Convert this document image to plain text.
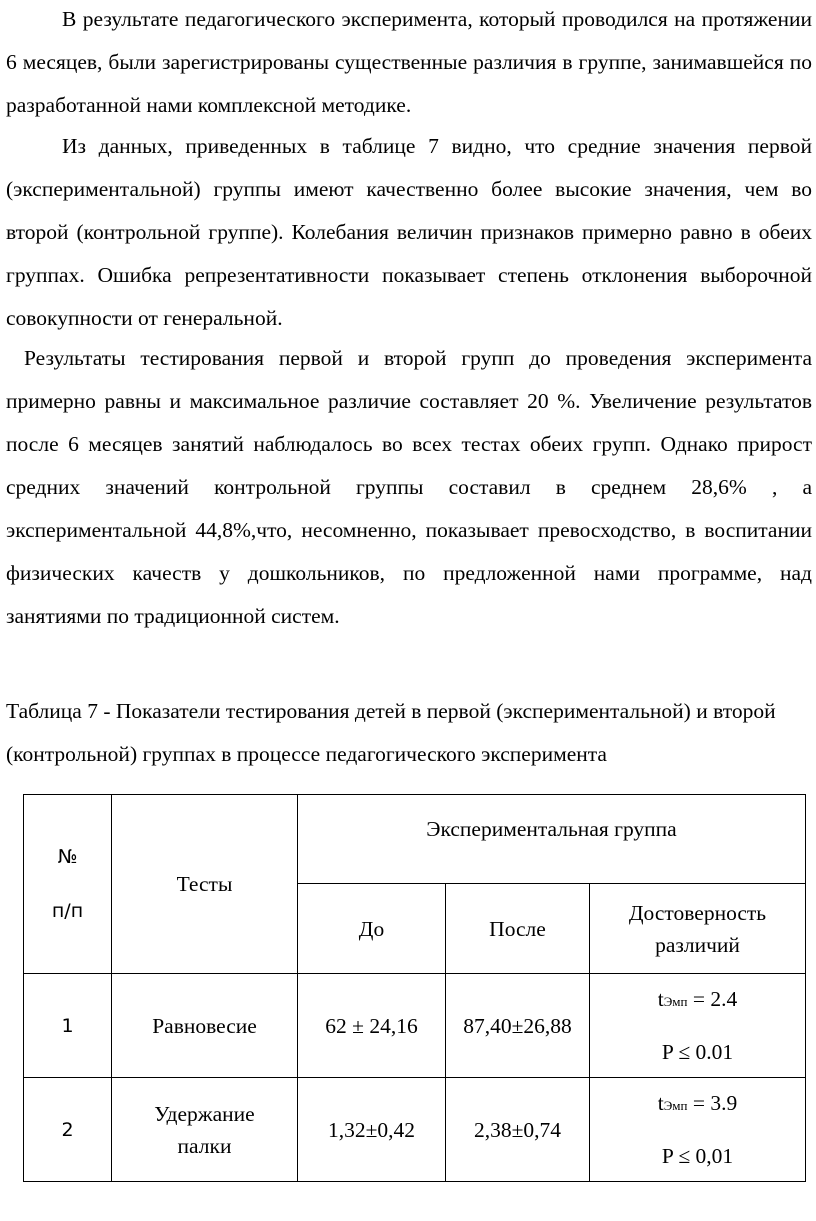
В результате педагогического эксперимента, который проводился на протяжении 6 месяцев, были зарегистрированы существенные различия в группе, занимавшейся по разработанной нами комплексной методике.

Из данных, приведенных в таблице 7 видно, что средние значения первой (экспериментальной) группы имеют качественно более высокие значения, чем во второй (контрольной группе). Колебания величин признаков примерно равно в обеих группах. Ошибка репрезентативности показывает степень отклонения выборочной совокупности от генеральной.

Результаты тестирования первой и второй групп до проведения эксперимента примерно равны и максимальное различие составляет 20 %. Увеличение результатов после 6 месяцев занятий наблюдалось во всех тестах обеих групп. Однако прирост средних значений контрольной группы составил в среднем 28,6% , а экспериментальной 44,8%,что, несомненно, показывает превосходство, в воспитании физических качеств у дошкольников, по предложенной нами программе, над занятиями по традиционной систем.

Таблица 7 - Показатели тестирования детей в первой (экспериментальной) и второй (контрольной) группах в процессе педагогического эксперимента

№
п/п	Тесты	Экспериментальная группа		
		До	После	Достоверность различий
1	Равновесие	62 ± 24,16	87,40±26,88	tЭмп = 2.4
P ≤ 0.01

2	Удержание палки	1,32±0,42	2,38±0,74	tЭмп = 3.9
P ≤ 0,01
